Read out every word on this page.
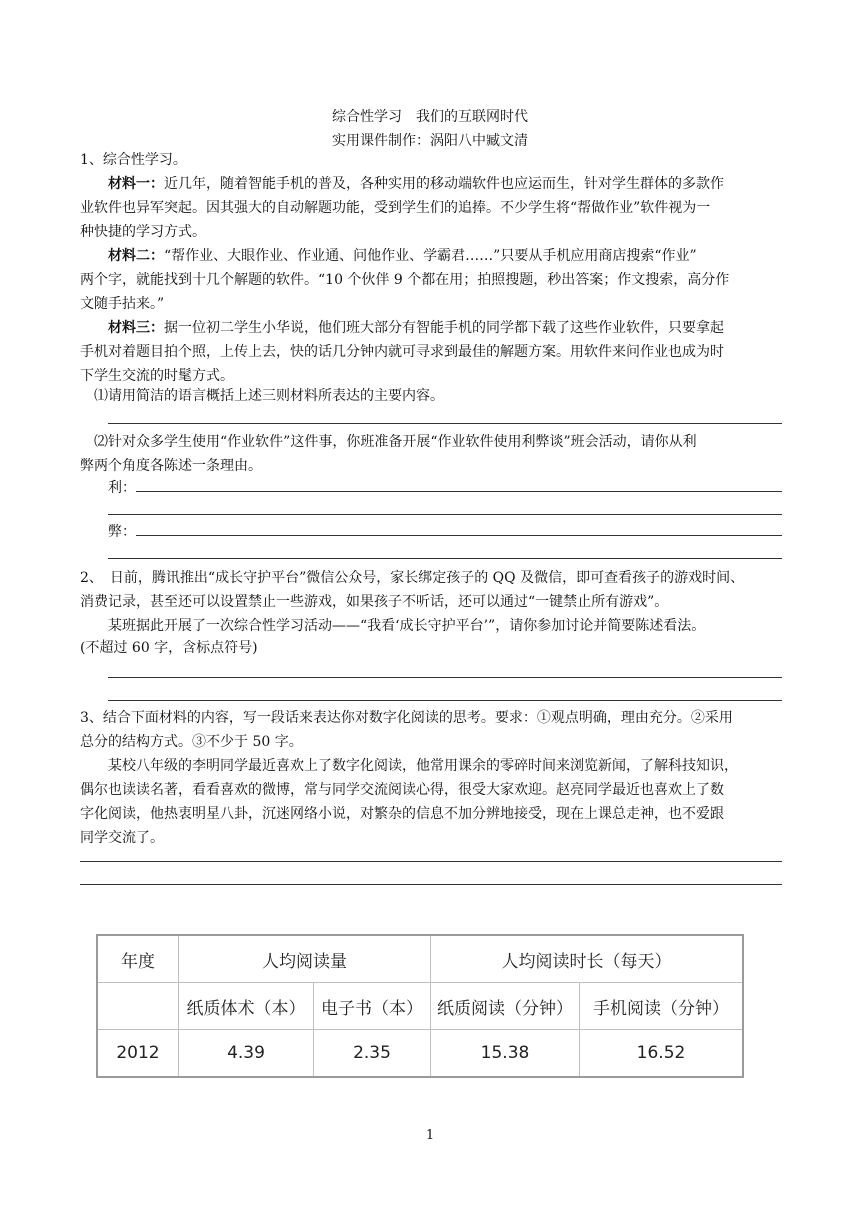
综合性学习　我们的互联网时代
实用课件制作：涡阳八中臧文清
1、综合性学习。
材料一：近几年，随着智能手机的普及，各种实用的移动端软件也应运而生，针对学生群体的多款作
业软件也异军突起。因其强大的自动解题功能，受到学生们的追捧。不少学生将“帮做作业”软件视为一
种快捷的学习方式。
材料二：“帮作业、大眼作业、作业通、问他作业、学霸君……”只要从手机应用商店搜索“作业”
两个字，就能找到十几个解题的软件。“10 个伙伴 9 个都在用；拍照搜题，秒出答案；作文搜索，高分作
文随手拈来。”
材料三：据一位初二学生小华说，他们班大部分有智能手机的同学都下载了这些作业软件，只要拿起
手机对着题目拍个照，上传上去，快的话几分钟内就可寻求到最佳的解题方案。用软件来问作业也成为时
下学生交流的时髦方式。
⑴请用简洁的语言概括上述三则材料所表达的主要内容。
⑵针对众多学生使用“作业软件”这件事，你班准备开展“作业软件使用利弊谈”班会活动，请你从利
弊两个角度各陈述一条理由。
利：
弊：
2、　日前，腾讯推出“成长守护平台”微信公众号，家长绑定孩子的 QQ 及微信，即可查看孩子的游戏时间、
消费记录，甚至还可以设置禁止一些游戏，如果孩子不听话，还可以通过“一键禁止所有游戏”。
某班据此开展了一次综合性学习活动——“我看‘成长守护平台’”，请你参加讨论并简要陈述看法。
(不超过 60 字，含标点符号)
3、结合下面材料的内容，写一段话来表达你对数字化阅读的思考。要求：①观点明确，理由充分。②采用
总分的结构方式。③不少于 50 字。
某校八年级的李明同学最近喜欢上了数字化阅读，他常用课余的零碎时间来浏览新闻，了解科技知识，
偶尔也读读名著，看看喜欢的微博，常与同学交流阅读心得，很受大家欢迎。赵亮同学最近也喜欢上了数
字化阅读，他热衷明星八卦，沉迷网络小说，对繁杂的信息不加分辨地接受，现在上课总走神，也不爱跟
同学交流了。
年度	人均阅读量		人均阅读时长（每天）	
	纸质体术（本）	电子书（本）	纸质阅读（分钟）	手机阅读（分钟）
2012	4.39	2.35	15.38	16.52
1
